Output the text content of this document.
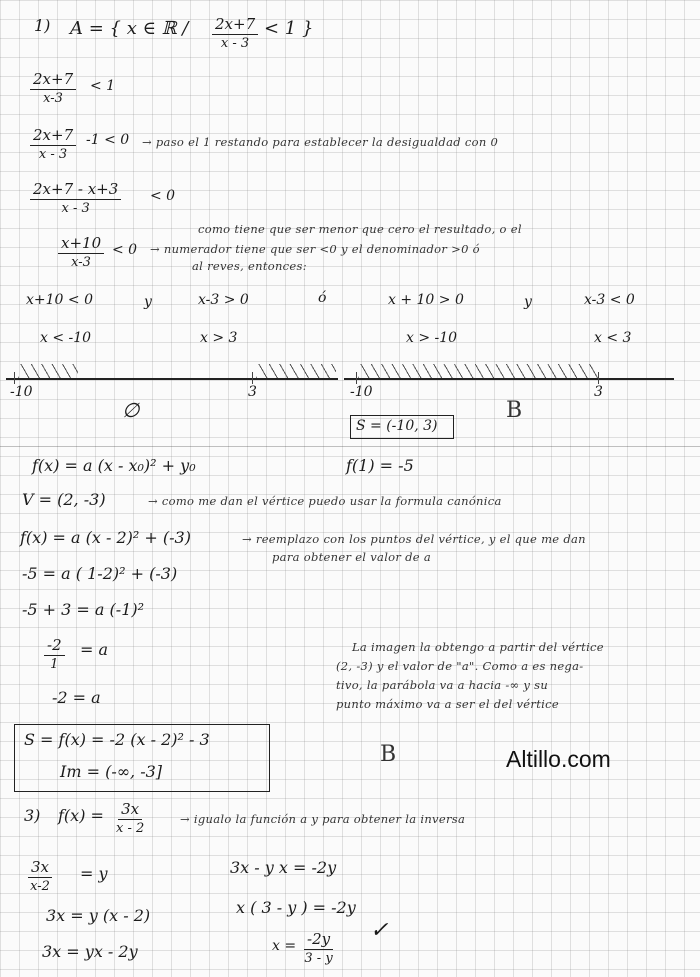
1) A = { x ∈ ℝ / $\frac{2x+7}{x - 3} < 1$ }
$\frac{2x+7}{x-3} < 1$
$\frac{2x+7}{x - 3} -1 < 0$ → paso el 1 restando para establecer la desigualdad con 0
$\frac{2x+7 - x+3}{x - 3} < 0$
como tiene que ser menor que cero el resultado, o el
$\frac{x+10}{x-3} < 0$ → numerador tiene que ser <0 y el denominador >0 ó
al reves, entonces:
x+10 < 0	y	x-3 > 0	ó	x + 10 > 0	y	x-3 < 0
x < -10	x > 3	x > -10	x < 3
-10	3
∅
-10	3
S = (-10, 3)
B
f(x) = a (x - x₀)² + y₀	f(1) = -5
V = (2, -3)	→ como me dan el vértice puedo usar la formula canónica
f(x) = a (x - 2)² + (-3)	→ reemplazo con los puntos del vértice, y el que me dan
para obtener el valor de a
-5 = a ( 1-2)² + (-3)
-5 + 3 = a (-1)²
$\frac{-2}{1} = a$
-2 = a
La imagen la obtengo a partir del vértice
(2, -3) y el valor de "a". Como a es nega-
tivo, la parábola va a hacia -∞ y su
punto máximo va a ser el del vértice
S = f(x) = -2 (x - 2)² - 3
Im = (-∞, -3]
B	Altillo.com
3) $f(x) = \frac{3x}{x - 2}$	→ igualo la función a y para obtener la inversa
$\frac{3x}{x-2} = y$
3x = y (x - 2)
3x = yx - 2y
3x - y x = -2y
x ( 3 - y ) = -2y
$x = \frac{-2y}{3 - y}$ ✓
